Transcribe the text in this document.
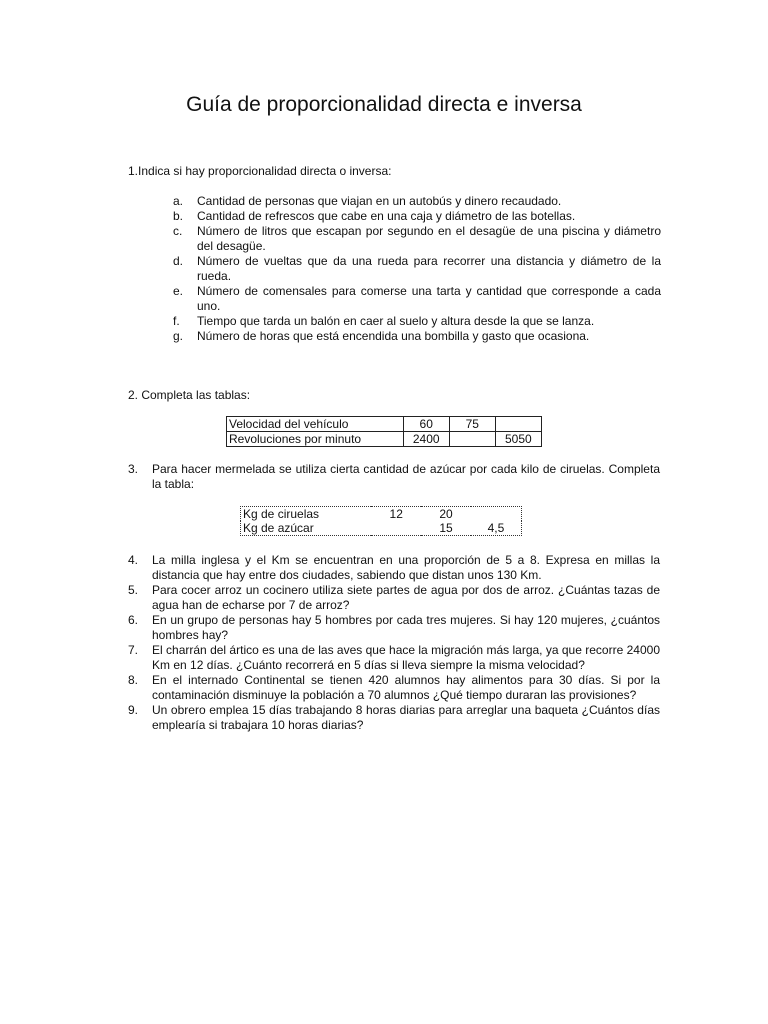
Guía de proporcionalidad directa e inversa

1.Indica si hay proporcionalidad directa o inversa:

a.	Cantidad de personas que viajan en un autobús y dinero recaudado.
b.	Cantidad de refrescos que cabe en una caja y diámetro de las botellas.
c.	Número de litros que escapan por segundo en el desagüe de una piscina y diámetro del desagüe.
d.	Número de vueltas que da una rueda para recorrer una distancia y diámetro de la rueda.
e.	Número de comensales para comerse una tarta y cantidad que corresponde a cada uno.
f.	Tiempo que tarda un balón en caer al suelo y altura desde la que se lanza.
g.	Número de horas que está encendida una bombilla y gasto que ocasiona.

2. Completa las tablas:

Velocidad del vehículo	60	75	
Revoluciones por minuto	2400		5050
3.	Para hacer mermelada se utiliza cierta cantidad de azúcar por cada kilo de ciruelas. Completa la tabla:
Kg de ciruelas	12	20	
Kg de azúcar		15	4,5
4.	La milla inglesa y el Km se encuentran en una proporción de 5 a 8. Expresa en millas la distancia que hay entre dos ciudades, sabiendo que distan unos 130 Km.
5.	Para cocer arroz un cocinero utiliza siete partes de agua por dos de arroz. ¿Cuántas tazas de agua han de echarse por 7 de arroz?
6.	En un grupo de personas hay 5 hombres por cada tres mujeres. Si hay 120 mujeres, ¿cuántos hombres hay?
7.	El charrán del ártico es una de las aves que hace la migración más larga, ya que recorre 24000 Km en 12 días. ¿Cuánto recorrerá en 5 días si lleva siempre la misma velocidad?
8.	En el internado Continental se tienen 420 alumnos hay alimentos para 30 días. Si por la contaminación disminuye la población a 70 alumnos ¿Qué tiempo duraran las provisiones?
9.	Un obrero emplea 15 días trabajando 8 horas diarias para arreglar una baqueta ¿Cuántos días emplearía si trabajara 10 horas diarias?
